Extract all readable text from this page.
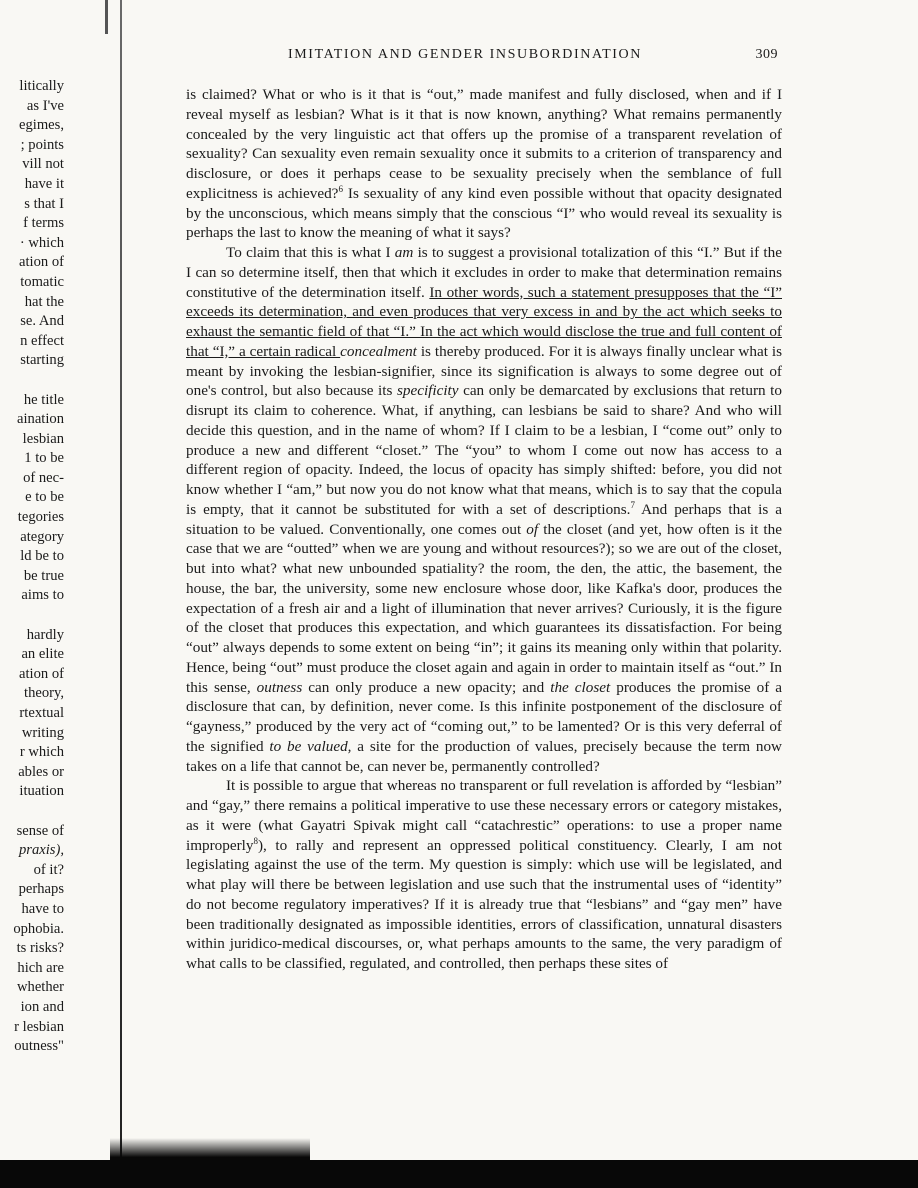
litically
as I've
egimes,
; points
vill not
have it
s that I
f terms
· which
ation of
tomatic
hat the
se. And
n effect
starting
he title
aination
lesbian
1 to be
of nec-
e to be
tegories
ategory
ld be to
be true
aims to
hardly
an elite
ation of
theory,
rtextual
writing
r which
ables or
ituation
sense of
praxis),
of it?
perhaps
have to
ophobia.
ts risks?
hich are
whether
ion and
r lesbian
outness"
IMITATION AND GENDER INSUBORDINATION	309

is claimed? What or who is it that is “out,” made manifest and fully disclosed, when and if I reveal myself as lesbian? What is it that is now known, anything? What remains permanently concealed by the very linguistic act that offers up the promise of a transparent revelation of sexuality? Can sexuality even remain sexuality once it submits to a criterion of transparency and disclosure, or does it perhaps cease to be sexuality precisely when the semblance of full explicitness is achieved?$^6$ Is sexuality of any kind even possible without that opacity designated by the unconscious, which means simply that the conscious “I” who would reveal its sexuality is perhaps the last to know the meaning of what it says?

To claim that this is what I am is to suggest a provisional totalization of this “I.” But if the I can so determine itself, then that which it excludes in order to make that determination remains constitutive of the determination itself. In other words, such a statement presupposes that the “I” exceeds its determination, and even produces that very excess in and by the act which seeks to exhaust the semantic field of that “I.” In the act which would disclose the true and full content of that “I,” a certain radical concealment is thereby produced. For it is always finally unclear what is meant by invoking the lesbian-signifier, since its signification is always to some degree out of one's control, but also because its specificity can only be demarcated by exclusions that return to disrupt its claim to coherence. What, if anything, can lesbians be said to share? And who will decide this question, and in the name of whom? If I claim to be a lesbian, I “come out” only to produce a new and different “closet.” The “you” to whom I come out now has access to a different region of opacity. Indeed, the locus of opacity has simply shifted: before, you did not know whether I “am,” but now you do not know what that means, which is to say that the copula is empty, that it cannot be substituted for with a set of descriptions.$^7$ And perhaps that is a situation to be valued. Conventionally, one comes out of the closet (and yet, how often is it the case that we are “outted” when we are young and without resources?); so we are out of the closet, but into what? what new unbounded spatiality? the room, the den, the attic, the basement, the house, the bar, the university, some new enclosure whose door, like Kafka's door, produces the expectation of a fresh air and a light of illumination that never arrives? Curiously, it is the figure of the closet that produces this expectation, and which guarantees its dissatisfaction. For being “out” always depends to some extent on being “in”; it gains its meaning only within that polarity. Hence, being “out” must produce the closet again and again in order to maintain itself as “out.” In this sense, outness can only produce a new opacity; and the closet produces the promise of a disclosure that can, by definition, never come. Is this infinite postponement of the disclosure of “gayness,” produced by the very act of “coming out,” to be lamented? Or is this very deferral of the signified to be valued, a site for the production of values, precisely because the term now takes on a life that cannot be, can never be, permanently controlled?

It is possible to argue that whereas no transparent or full revelation is afforded by “lesbian” and “gay,” there remains a political imperative to use these necessary errors or category mistakes, as it were (what Gayatri Spivak might call “catachrestic” operations: to use a proper name improperly$^8$), to rally and represent an oppressed political constituency. Clearly, I am not legislating against the use of the term. My question is simply: which use will be legislated, and what play will there be between legislation and use such that the instrumental uses of “identity” do not become regulatory imperatives? If it is already true that “lesbians” and “gay men” have been traditionally designated as impossible identities, errors of classification, unnatural disasters within juridico-medical discourses, or, what perhaps amounts to the same, the very paradigm of what calls to be classified, regulated, and controlled, then perhaps these sites of
